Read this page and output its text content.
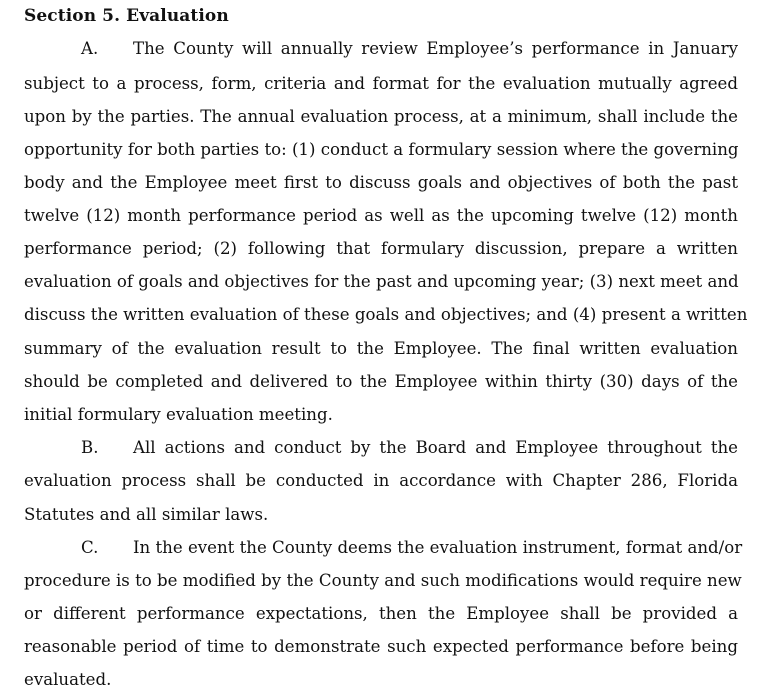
Section 5. Evaluation
A. The County will annually review Employee’s performance in January
subject to a process, form, criteria and format for the evaluation mutually agreed
upon by the parties. The annual evaluation process, at a minimum, shall include the
opportunity for both parties to: (1) conduct a formulary session where the governing
body and the Employee meet first to discuss goals and objectives of both the past
twelve (12) month performance period as well as the upcoming twelve (12) month
performance period; (2) following that formulary discussion, prepare a written
evaluation of goals and objectives for the past and upcoming year; (3) next meet and
discuss the written evaluation of these goals and objectives; and (4) present a written
summary of the evaluation result to the Employee. The final written evaluation
should be completed and delivered to the Employee within thirty (30) days of the
initial formulary evaluation meeting.
B. All actions and conduct by the Board and Employee throughout the
evaluation process shall be conducted in accordance with Chapter 286, Florida
Statutes and all similar laws.
C. In the event the County deems the evaluation instrument, format and/or
procedure is to be modified by the County and such modifications would require new
or different performance expectations, then the Employee shall be provided a
reasonable period of time to demonstrate such expected performance before being
evaluated.
